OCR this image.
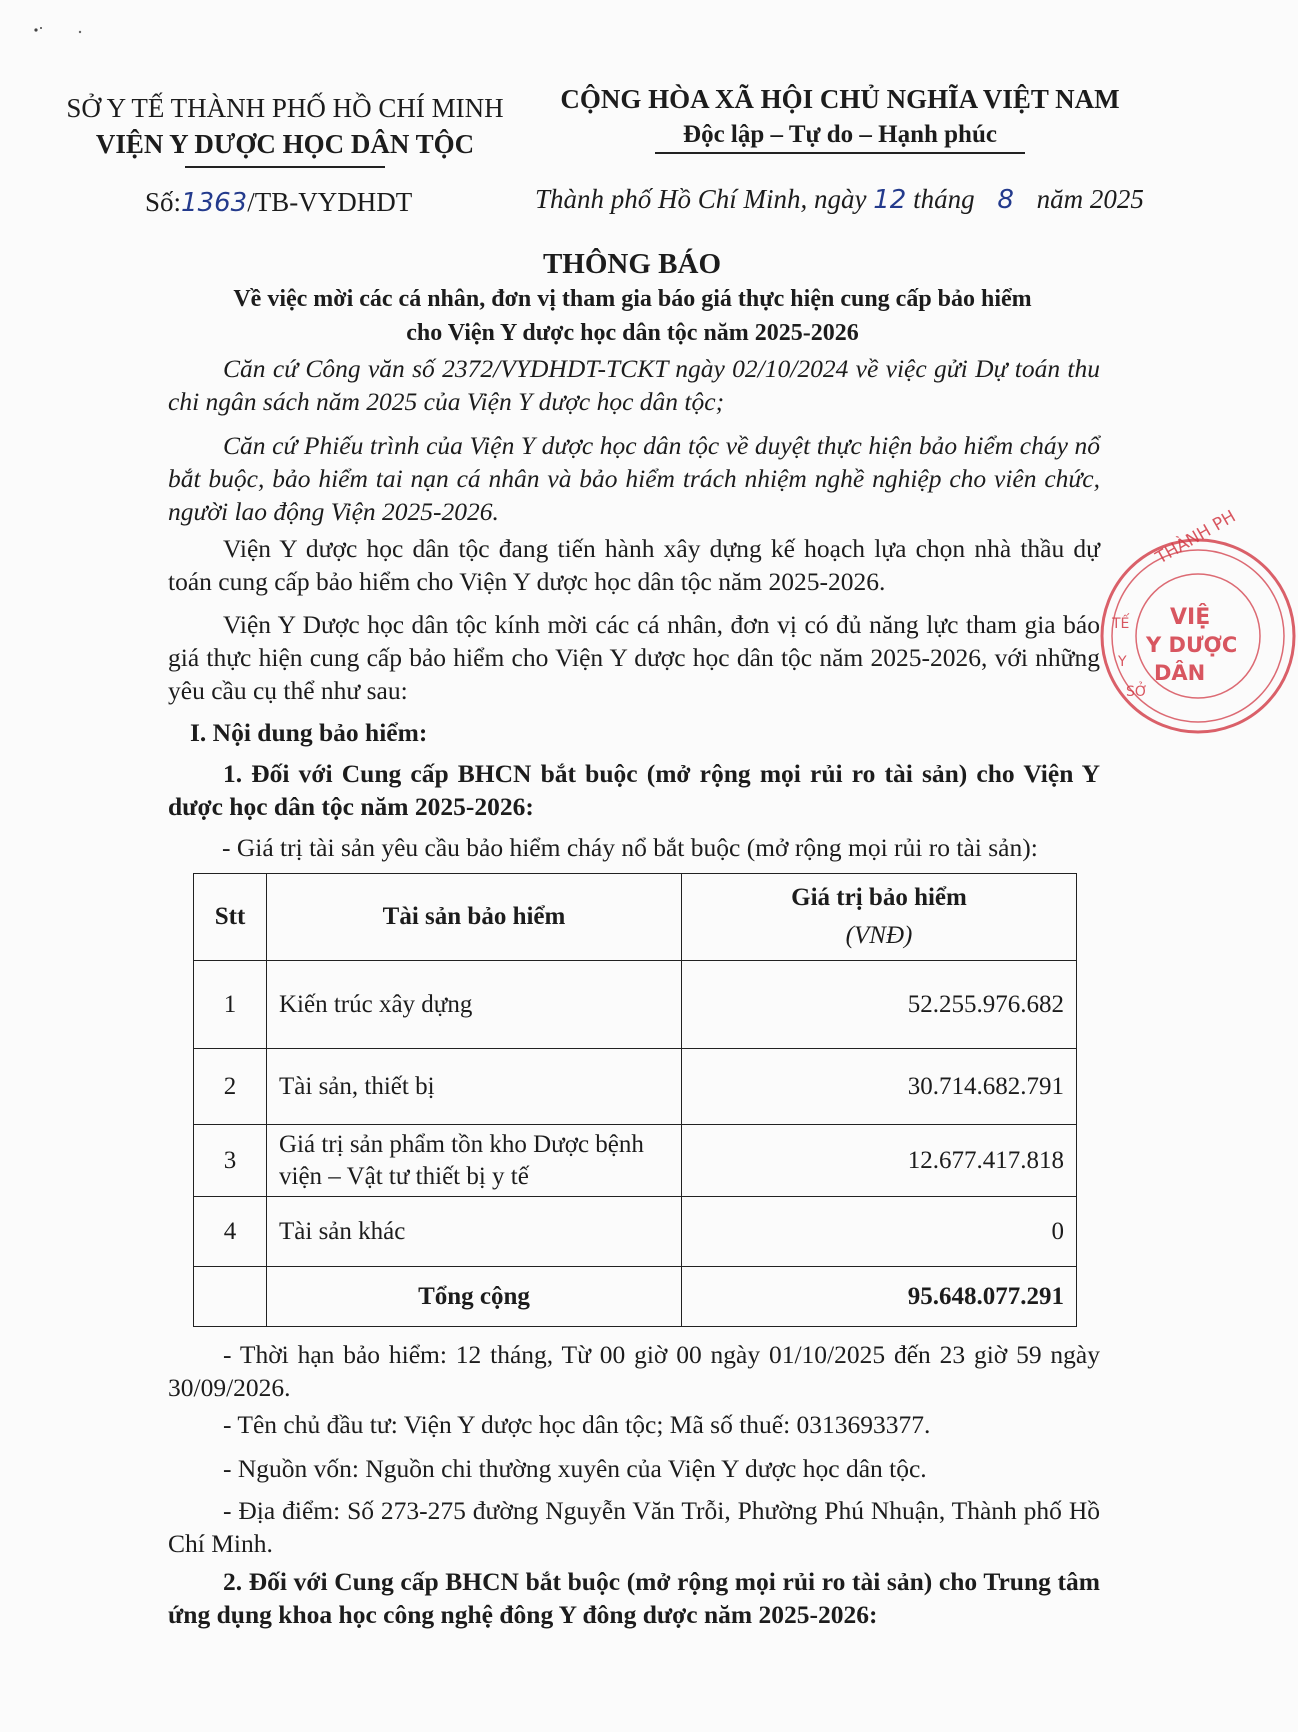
SỞ Y TẾ THÀNH PHỐ HỒ CHÍ MINH
VIỆN Y DƯỢC HỌC DÂN TỘC
CỘNG HÒA XÃ HỘI CHỦ NGHĨA VIỆT NAM
Độc lập – Tự do – Hạnh phúc
Số:1363/TB-VYDHDT	Thành phố Hồ Chí Minh, ngày 12 tháng 8 năm 2025
THÔNG BÁO
Về việc mời các cá nhân, đơn vị tham gia báo giá thực hiện cung cấp bảo hiểm
cho Viện Y dược học dân tộc năm 2025-2026
Căn cứ Công văn số 2372/VYDHDT-TCKT ngày 02/10/2024 về việc gửi Dự toán thu chi ngân sách năm 2025 của Viện Y dược học dân tộc;
Căn cứ Phiếu trình của Viện Y dược học dân tộc về duyệt thực hiện bảo hiểm cháy nổ bắt buộc, bảo hiểm tai nạn cá nhân và bảo hiểm trách nhiệm nghề nghiệp cho viên chức, người lao động Viện 2025-2026.
Viện Y dược học dân tộc đang tiến hành xây dựng kế hoạch lựa chọn nhà thầu dự toán cung cấp bảo hiểm cho Viện Y dược học dân tộc năm 2025-2026.
Viện Y Dược học dân tộc kính mời các cá nhân, đơn vị có đủ năng lực tham gia báo giá thực hiện cung cấp bảo hiểm cho Viện Y dược học dân tộc năm 2025-2026, với những yêu cầu cụ thể như sau:
I. Nội dung bảo hiểm:
1. Đối với Cung cấp BHCN bắt buộc (mở rộng mọi rủi ro tài sản) cho Viện Y dược học dân tộc năm 2025-2026:
- Giá trị tài sản yêu cầu bảo hiểm cháy nổ bắt buộc (mở rộng mọi rủi ro tài sản):
Stt	Tài sản bảo hiểm	Giá trị bảo hiểm
(VNĐ)

1	Kiến trúc xây dựng	52.255.976.682
2	Tài sản, thiết bị	30.714.682.791
3	Giá trị sản phẩm tồn kho Dược bệnh viện – Vật tư thiết bị y tế	12.677.417.818
4	Tài sản khác	0
	Tổng cộng	95.648.077.291
- Thời hạn bảo hiểm: 12 tháng, Từ 00 giờ 00 ngày 01/10/2025 đến 23 giờ 59 ngày 30/09/2026.
- Tên chủ đầu tư: Viện Y dược học dân tộc; Mã số thuế: 0313693377.
- Nguồn vốn: Nguồn chi thường xuyên của Viện Y dược học dân tộc.
- Địa điểm: Số 273-275 đường Nguyễn Văn Trỗi, Phường Phú Nhuận, Thành phố Hồ Chí Minh.
2. Đối với Cung cấp BHCN bắt buộc (mở rộng mọi rủi ro tài sản) cho Trung tâm ứng dụng khoa học công nghệ đông Y đông dược năm 2025-2026:
THÀNH PH
TẾ
Y
SỞ
VIỆ
Y DƯỢC
DÂN
